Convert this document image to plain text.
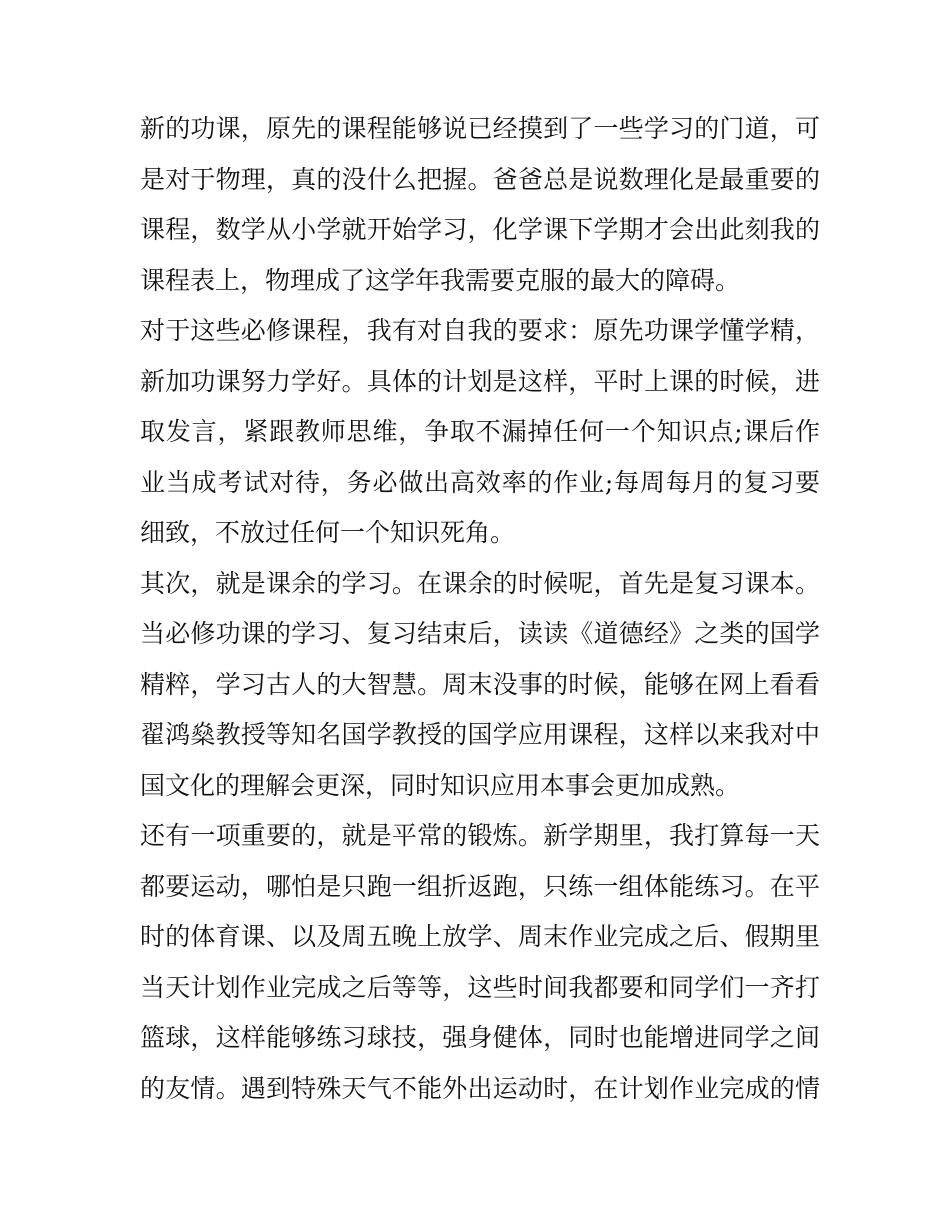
新的功课，原先的课程能够说已经摸到了一些学习的门道，可
是对于物理，真的没什么把握。爸爸总是说数理化是最重要的
课程，数学从小学就开始学习，化学课下学期才会出此刻我的
课程表上，物理成了这学年我需要克服的最大的障碍。
对于这些必修课程，我有对自我的要求：原先功课学懂学精，
新加功课努力学好。具体的计划是这样，平时上课的时候，进
取发言，紧跟教师思维，争取不漏掉任何一个知识点;课后作
业当成考试对待，务必做出高效率的作业;每周每月的复习要
细致，不放过任何一个知识死角。
其次，就是课余的学习。在课余的时候呢，首先是复习课本。
当必修功课的学习、复习结束后，读读《道德经》之类的国学
精粹，学习古人的大智慧。周末没事的时候，能够在网上看看
翟鸿燊教授等知名国学教授的国学应用课程，这样以来我对中
国文化的理解会更深，同时知识应用本事会更加成熟。
还有一项重要的，就是平常的锻炼。新学期里，我打算每一天
都要运动，哪怕是只跑一组折返跑，只练一组体能练习。在平
时的体育课、以及周五晚上放学、周末作业完成之后、假期里
当天计划作业完成之后等等，这些时间我都要和同学们一齐打
篮球，这样能够练习球技，强身健体，同时也能增进同学之间
的友情。遇到特殊天气不能外出运动时，在计划作业完成的情
